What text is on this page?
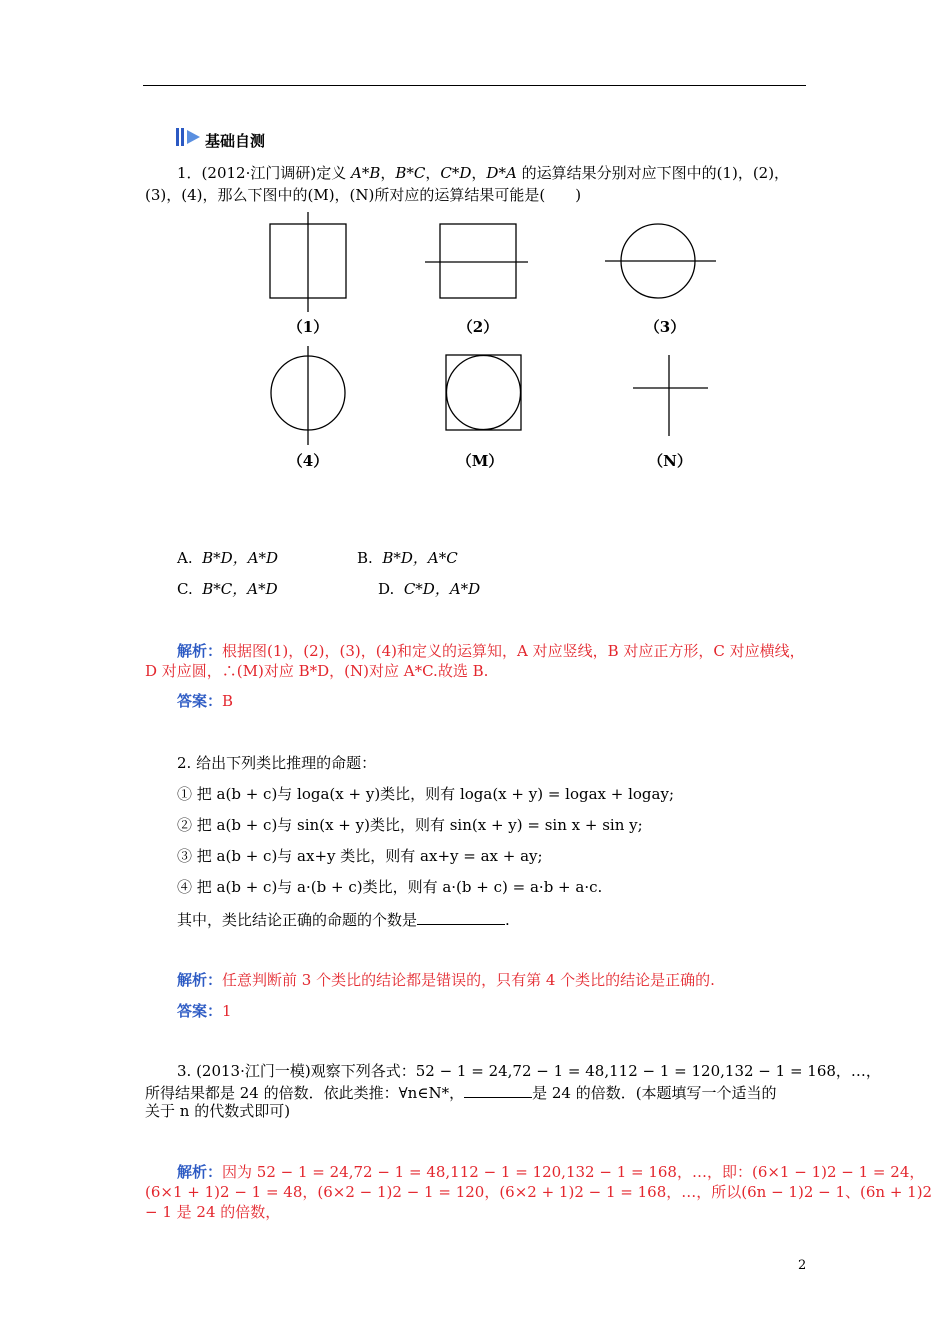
基础自测
1．(2012·江门调研)定义 A*B，B*C，C*D，D*A 的运算结果分别对应下图中的(1)，(2)，
(3)，(4)，那么下图中的(M)，(N)所对应的运算结果可能是(　　)
（1）	（2）	（3）
（4）	（M）	（N）
A. B*D，A*D	B. B*D，A*C
C. B*C，A*D	D. C*D，A*D
解析：根据图(1)，(2)，(3)，(4)和定义的运算知，A 对应竖线，B 对应正方形，C 对应横线，
D 对应圆，∴(M)对应 B*D，(N)对应 A*C.故选 B.
答案：B
2. 给出下列类比推理的命题：
① 把 a(b + c)与 loga(x + y)类比，则有 loga(x + y) = logax + logay;
② 把 a(b + c)与 sin(x + y)类比，则有 sin(x + y) = sin x + sin y;
③ 把 a(b + c)与 ax+y 类比，则有 ax+y = ax + ay;
④ 把 a(b + c)与 a·(b + c)类比，则有 a·(b + c) = a·b + a·c.
其中，类比结论正确的命题的个数是	.
解析：任意判断前 3 个类比的结论都是错误的，只有第 4 个类比的结论是正确的.
答案：1
3. (2013·江门一模)观察下列各式：52 − 1 = 24,72 − 1 = 48,112 − 1 = 120,132 − 1 = 168，…，
所得结果都是 24 的倍数．依此类推：∀n∈N*，	是 24 的倍数．(本题填写一个适当的
关于 n 的代数式即可)
解析：因为 52 − 1 = 24,72 − 1 = 48,112 − 1 = 120,132 − 1 = 168，…，即：(6×1 − 1)2 − 1 = 24，
(6×1 + 1)2 − 1 = 48，(6×2 − 1)2 − 1 = 120，(6×2 + 1)2 − 1 = 168，…，所以(6n − 1)2 − 1、(6n + 1)2
− 1 是 24 的倍数，
2
